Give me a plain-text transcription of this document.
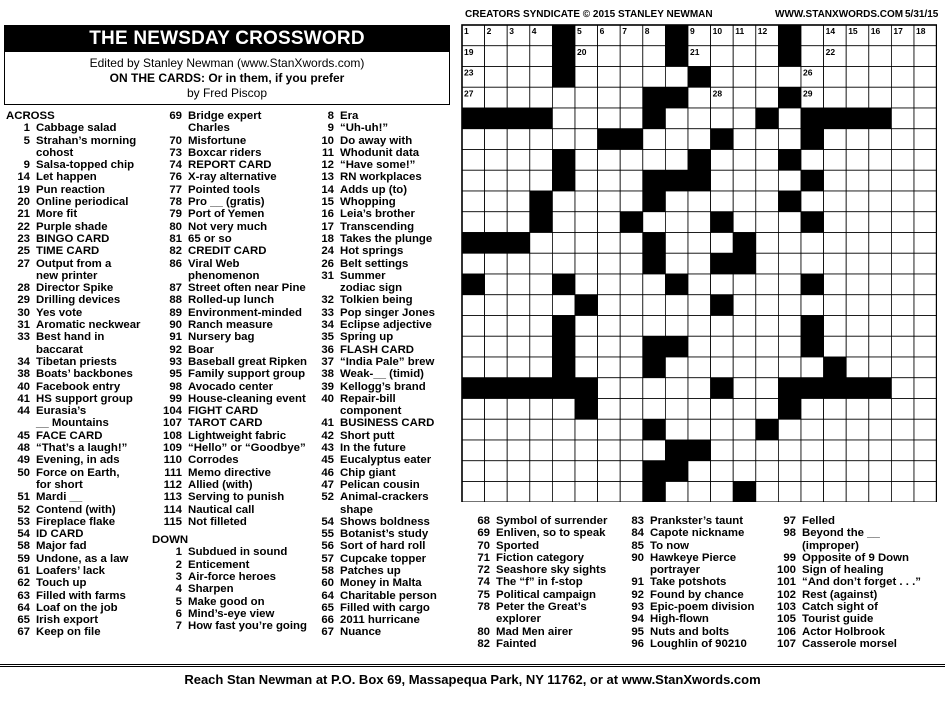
THE NEWSDAY CROSSWORD
Edited by Stanley Newman (www.StanXwords.com)
ON THE CARDS: Or in them, if you prefer
by Fred Piscop
CREATORS SYNDICATE © 2015 STANLEY NEWMAN	WWW.STANXWORDS.COM 5/31/15
ACROSS
1 Cabbage salad
5 Strahan’s morning
cohost
9 Salsa-topped chip
14 Let happen
19 Pun reaction
20 Online periodical
21 More fit
22 Purple shade
23 BINGO CARD
25 TIME CARD
27 Output from a
new printer
28 Director Spike
29 Drilling devices
30 Yes vote
31 Aromatic neckwear
33 Best hand in
baccarat
34 Tibetan priests
38 Boats’ backbones
40 Facebook entry
41 HS support group
44 Eurasia’s
__ Mountains
45 FACE CARD
48 “That’s a laugh!”
49 Evening, in ads
50 Force on Earth,
for short
51 Mardi __
52 Contend (with)
53 Fireplace flake
54 ID CARD
58 Major fad
59 Undone, as a law
61 Loafers’ lack
62 Touch up
63 Filled with farms
64 Loaf on the job
65 Irish export
67 Keep on file
69 Bridge expert
Charles
70 Misfortune
73 Boxcar riders
74 REPORT CARD
76 X-ray alternative
77 Pointed tools
78 Pro __ (gratis)
79 Port of Yemen
80 Not very much
81 65 or so
82 CREDIT CARD
86 Viral Web
phenomenon
87 Street often near Pine
88 Rolled-up lunch
89 Environment-minded
90 Ranch measure
91 Nursery bag
92 Boar
93 Baseball great Ripken
95 Family support group
98 Avocado center
99 House-cleaning event
104 FIGHT CARD
107 TAROT CARD
108 Lightweight fabric
109 “Hello” or “Goodbye”
110 Corrodes
111 Memo directive
112 Allied (with)
113 Serving to punish
114 Nautical call
115 Not filleted
DOWN
1 Subdued in sound
2 Enticement
3 Air-force heroes
4 Sharpen
5 Make good on
6 Mind’s-eye view
7 How fast you’re going
8 Era
9 “Uh-uh!”
10 Do away with
11 Whodunit data
12 “Have some!”
13 RN workplaces
14 Adds up (to)
15 Whopping
16 Leia’s brother
17 Transcending
18 Takes the plunge
24 Hot springs
26 Belt settings
31 Summer
zodiac sign
32 Tolkien being
33 Pop singer Jones
34 Eclipse adjective
35 Spring up
36 FLASH CARD
37 “India Pale” brew
38 Weak-__ (timid)
39 Kellogg’s brand
40 Repair-bill
component
41 BUSINESS CARD
42 Short putt
43 In the future
45 Eucalyptus eater
46 Chip giant
47 Pelican cousin
52 Animal-crackers
shape
54 Shows boldness
55 Botanist’s study
56 Sort of hard roll
57 Cupcake topper
58 Patches up
60 Money in Malta
64 Charitable person
65 Filled with cargo
66 2011 hurricane
67 Nuance
68 Symbol of surrender
69 Enliven, so to speak
70 Sported
71 Fiction category
72 Seashore sky sights
74 The “f” in f-stop
75 Political campaign
78 Peter the Great’s
explorer
80 Mad Men airer
82 Fainted
83 Prankster’s taunt
84 Capote nickname
85 To now
90 Hawkeye Pierce
portrayer
91 Take potshots
92 Found by chance
93 Epic-poem division
94 High-flown
95 Nuts and bolts
96 Loughlin of 90210
97 Felled
98 Beyond the __
(improper)
99 Opposite of 9 Down
100 Sign of healing
101 “And don’t forget . . .”
102 Rest (against)
103 Catch sight of
105 Tourist guide
106 Actor Holbrook
107 Casserole morsel
1 2 3 4	5 6 7 8	9 10 11 12	14 15 16 17 18
19	20	21	22
23	26
27	28	29
Reach Stan Newman at P.O. Box 69, Massapequa Park, NY 11762, or at www.StanXwords.com
